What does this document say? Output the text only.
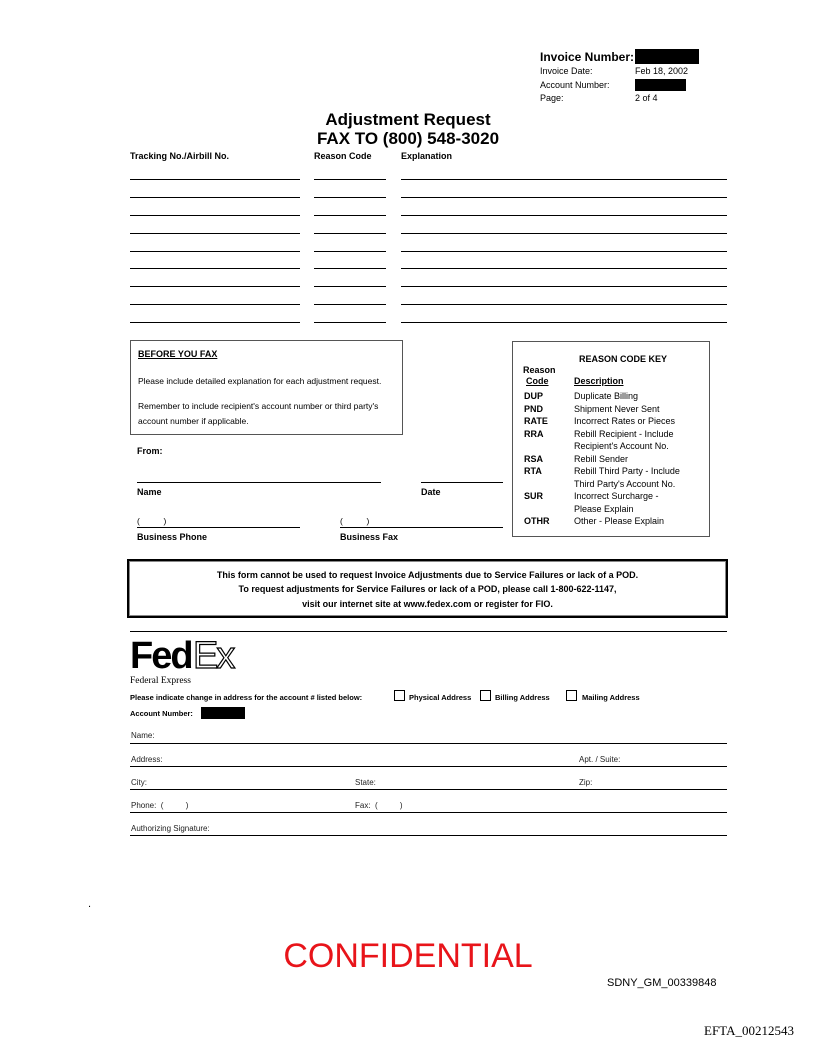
Invoice Number:
Invoice Date:	Feb 18, 2002
Account Number:
Page:	2 of 4
Adjustment Request
FAX TO (800) 548-3020
Tracking No./Airbill No.	Reason Code	Explanation
BEFORE YOU FAX
Please include detailed explanation for each adjustment request.
Remember to include recipient's account number or third party's
account number if applicable.
From:
Name	Date
(          )	(          )
Business Phone	Business Fax
REASON CODE KEY
Reason
Code	Description
DUP	Duplicate Billing
PND	Shipment Never Sent
RATE	Incorrect Rates or Pieces
RRA	Rebill Recipient - Include
Recipient's Account No.
RSA	Rebill Sender
RTA	Rebill Third Party - Include
Third Party's Account No.
SUR	Incorrect Surcharge -
Please Explain
OTHR	Other - Please Explain
This form cannot be used to request Invoice Adjustments due to Service Failures or lack of a POD.
To request adjustments for Service Failures or lack of a POD, please call 1-800-622-1147,
visit our internet site at www.fedex.com or register for FIO.
Fed Ex
Federal Express
Please indicate change in address for the account # listed below:	Physical Address	Billing Address	Mailing Address
Account Number:
Name:
Address:	Apt. / Suite:
City:	State:	Zip:
Phone:  (          )	Fax:  (          )
Authorizing Signature:
.
CONFIDENTIAL
SDNY_GM_00339848
EFTA_00212543
